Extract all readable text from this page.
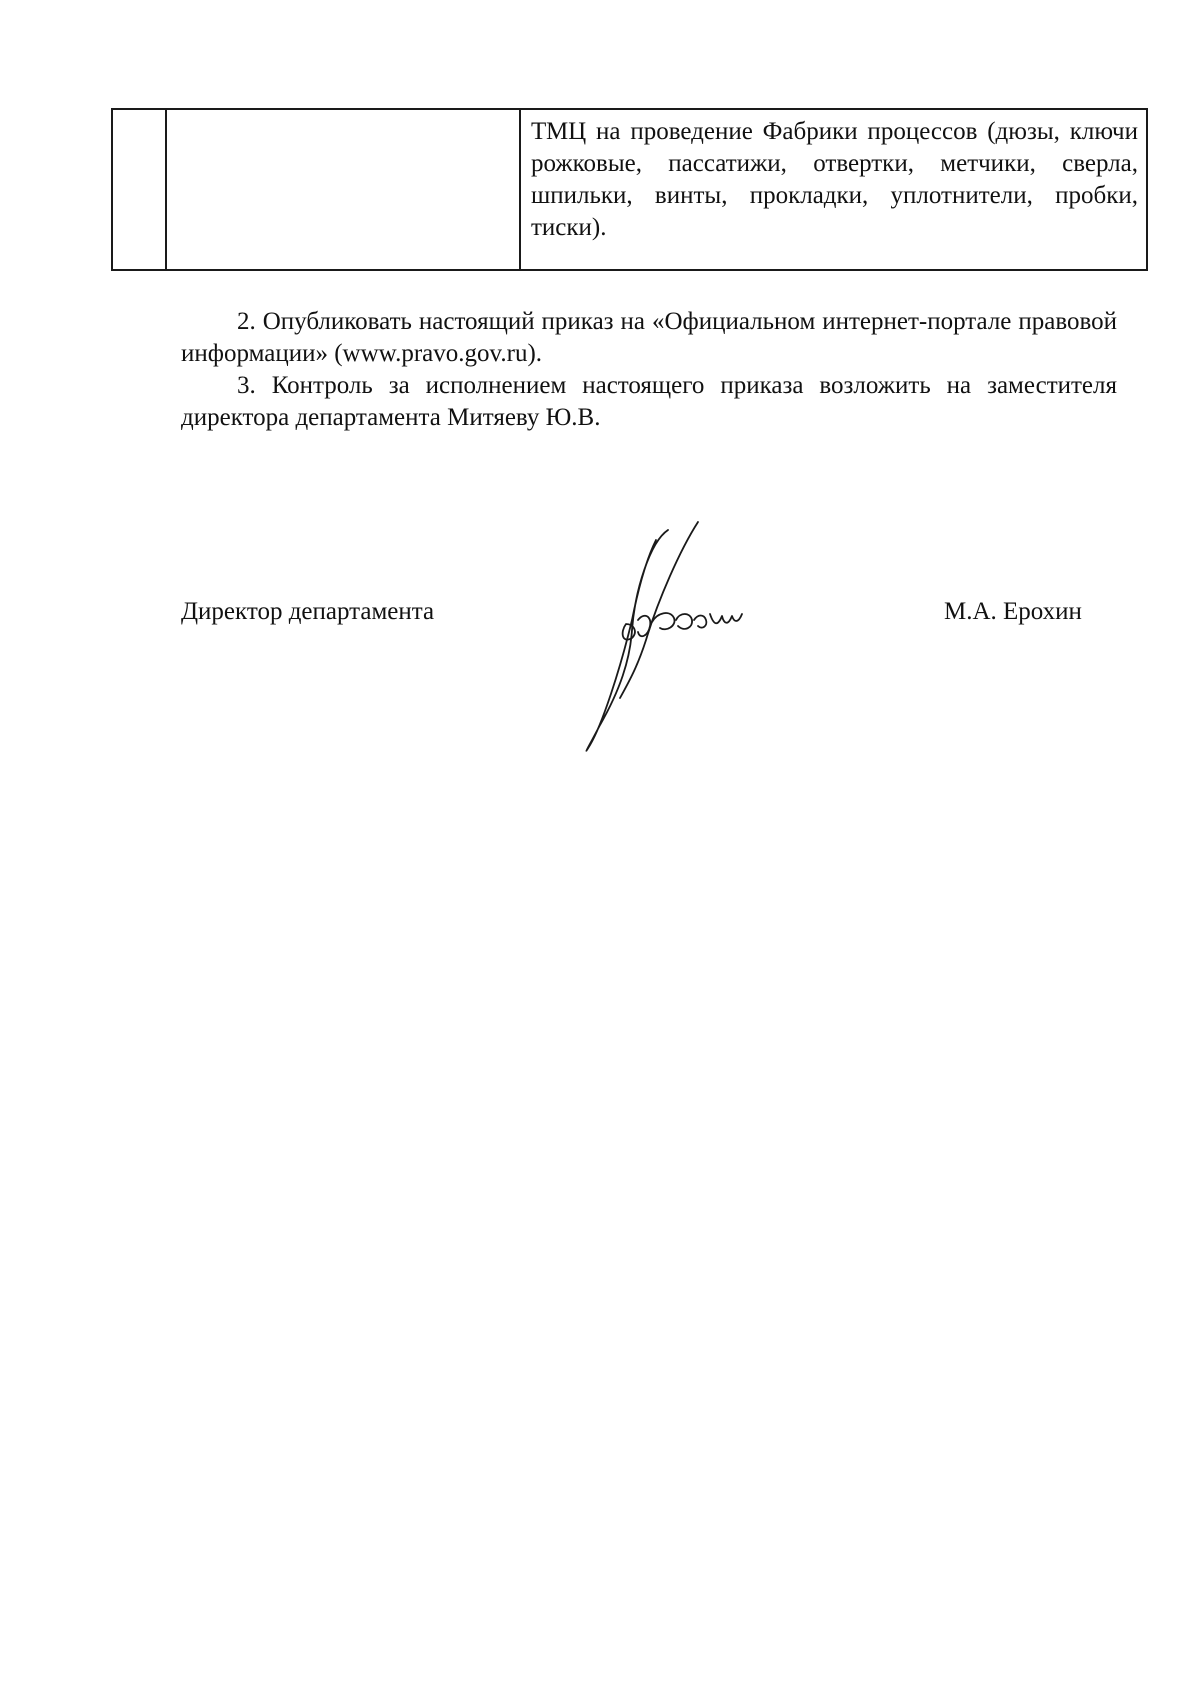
ТМЦ на проведение Фабрики процессов (дюзы, ключи рожковые, пассатижи, отвертки, метчики, сверла, шпильки, винты, прокладки, уплотнители, пробки, тиски).

2. Опубликовать настоящий приказ на «Официальном интернет-портале правовой информации» (www.pravo.gov.ru).

3. Контроль за исполнением настоящего приказа возложить на заместителя директора департамента Митяеву Ю.В.

Директор департамента
Ерохин
М.А. Ерохин
